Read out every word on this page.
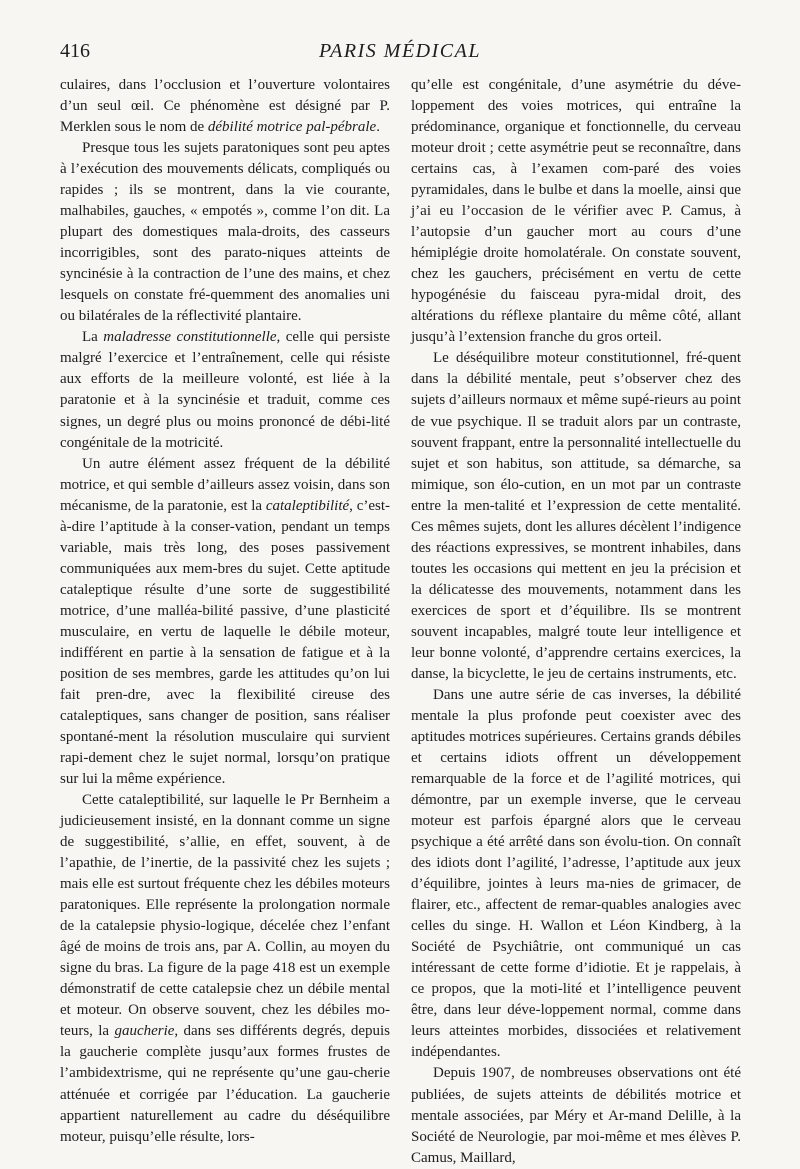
416	PARIS MÉDICAL

culaires, dans l’occlusion et l’ouverture volontaires d’un seul œil. Ce phénomène est désigné par P. Merklen sous le nom de débilité motrice pal-pébrale.

Presque tous les sujets paratoniques sont peu aptes à l’exécution des mouvements délicats, compliqués ou rapides ; ils se montrent, dans la vie courante, malhabiles, gauches, « empotés », comme l’on dit. La plupart des domestiques mala-droits, des casseurs incorrigibles, sont des parato-niques atteints de syncinésie à la contraction de l’une des mains, et chez lesquels on constate fré-quemment des anomalies uni ou bilatérales de la réflectivité plantaire.

La maladresse constitutionnelle, celle qui persiste malgré l’exercice et l’entraînement, celle qui résiste aux efforts de la meilleure volonté, est liée à la paratonie et à la syncinésie et traduit, comme ces signes, un degré plus ou moins prononcé de débi-lité congénitale de la motricité.

Un autre élément assez fréquent de la débilité motrice, et qui semble d’ailleurs assez voisin, dans son mécanisme, de la paratonie, est la cataleptibilité, c’est-à-dire l’aptitude à la conser-vation, pendant un temps variable, mais très long, des poses passivement communiquées aux mem-bres du sujet. Cette aptitude cataleptique résulte d’une sorte de suggestibilité motrice, d’une malléa-bilité passive, d’une plasticité musculaire, en vertu de laquelle le débile moteur, indifférent en partie à la sensation de fatigue et à la position de ses membres, garde les attitudes qu’on lui fait pren-dre, avec la flexibilité cireuse des cataleptiques, sans changer de position, sans réaliser spontané-ment la résolution musculaire qui survient rapi-dement chez le sujet normal, lorsqu’on pratique sur lui la même expérience.

Cette cataleptibilité, sur laquelle le Pr Bernheim a judicieusement insisté, en la donnant comme un signe de suggestibilité, s’allie, en effet, souvent, à de l’apathie, de l’inertie, de la passivité chez les sujets ; mais elle est surtout fréquente chez les débiles moteurs paratoniques. Elle représente la prolongation normale de la catalepsie physio-logique, décelée chez l’enfant âgé de moins de trois ans, par A. Collin, au moyen du signe du bras. La figure de la page 418 est un exemple démonstratif de cette catalepsie chez un débile mental et moteur. On observe souvent, chez les débiles mo-teurs, la gaucherie, dans ses différents degrés, depuis la gaucherie complète jusqu’aux formes frustes de l’ambidextrisme, qui ne représente qu’une gau-cherie atténuée et corrigée par l’éducation. La gaucherie appartient naturellement au cadre du déséquilibre moteur, puisqu’elle résulte, lors-

qu’elle est congénitale, d’une asymétrie du déve-loppement des voies motrices, qui entraîne la prédominance, organique et fonctionnelle, du cerveau moteur droit ; cette asymétrie peut se reconnaître, dans certains cas, à l’examen com-paré des voies pyramidales, dans le bulbe et dans la moelle, ainsi que j’ai eu l’occasion de le vérifier avec P. Camus, à l’autopsie d’un gaucher mort au cours d’une hémiplégie droite homolatérale. On constate souvent, chez les gauchers, précisément en vertu de cette hypogénésie du faisceau pyra-midal droit, des altérations du réflexe plantaire du même côté, allant jusqu’à l’extension franche du gros orteil.

Le déséquilibre moteur constitutionnel, fré-quent dans la débilité mentale, peut s’observer chez des sujets d’ailleurs normaux et même supé-rieurs au point de vue psychique. Il se traduit alors par un contraste, souvent frappant, entre la personnalité intellectuelle du sujet et son habitus, son attitude, sa démarche, sa mimique, son élo-cution, en un mot par un contraste entre la men-talité et l’expression de cette mentalité. Ces mêmes sujets, dont les allures décèlent l’indigence des réactions expressives, se montrent inhabiles, dans toutes les occasions qui mettent en jeu la précision et la délicatesse des mouvements, notamment dans les exercices de sport et d’équilibre. Ils se montrent souvent incapables, malgré toute leur intelligence et leur bonne volonté, d’apprendre certains exercices, la danse, la bicyclette, le jeu de certains instruments, etc.

Dans une autre série de cas inverses, la débilité mentale la plus profonde peut coexister avec des aptitudes motrices supérieures. Certains grands débiles et certains idiots offrent un développement remarquable de la force et de l’agilité motrices, qui démontre, par un exemple inverse, que le cerveau moteur est parfois épargné alors que le cerveau psychique a été arrêté dans son évolu-tion. On connaît des idiots dont l’agilité, l’adresse, l’aptitude aux jeux d’équilibre, jointes à leurs ma-nies de grimacer, de flairer, etc., affectent de remar-quables analogies avec celles du singe. H. Wallon et Léon Kindberg, à la Société de Psychiâtrie, ont communiqué un cas intéressant de cette forme d’idiotie. Et je rappelais, à ce propos, que la moti-lité et l’intelligence peuvent être, dans leur déve-loppement normal, comme dans leurs atteintes morbides, dissociées et relativement indépendantes.

Depuis 1907, de nombreuses observations ont été publiées, de sujets atteints de débilités motrice et mentale associées, par Méry et Ar-mand Delille, à la Société de Neurologie, par moi-même et mes élèves P. Camus, Maillard,
